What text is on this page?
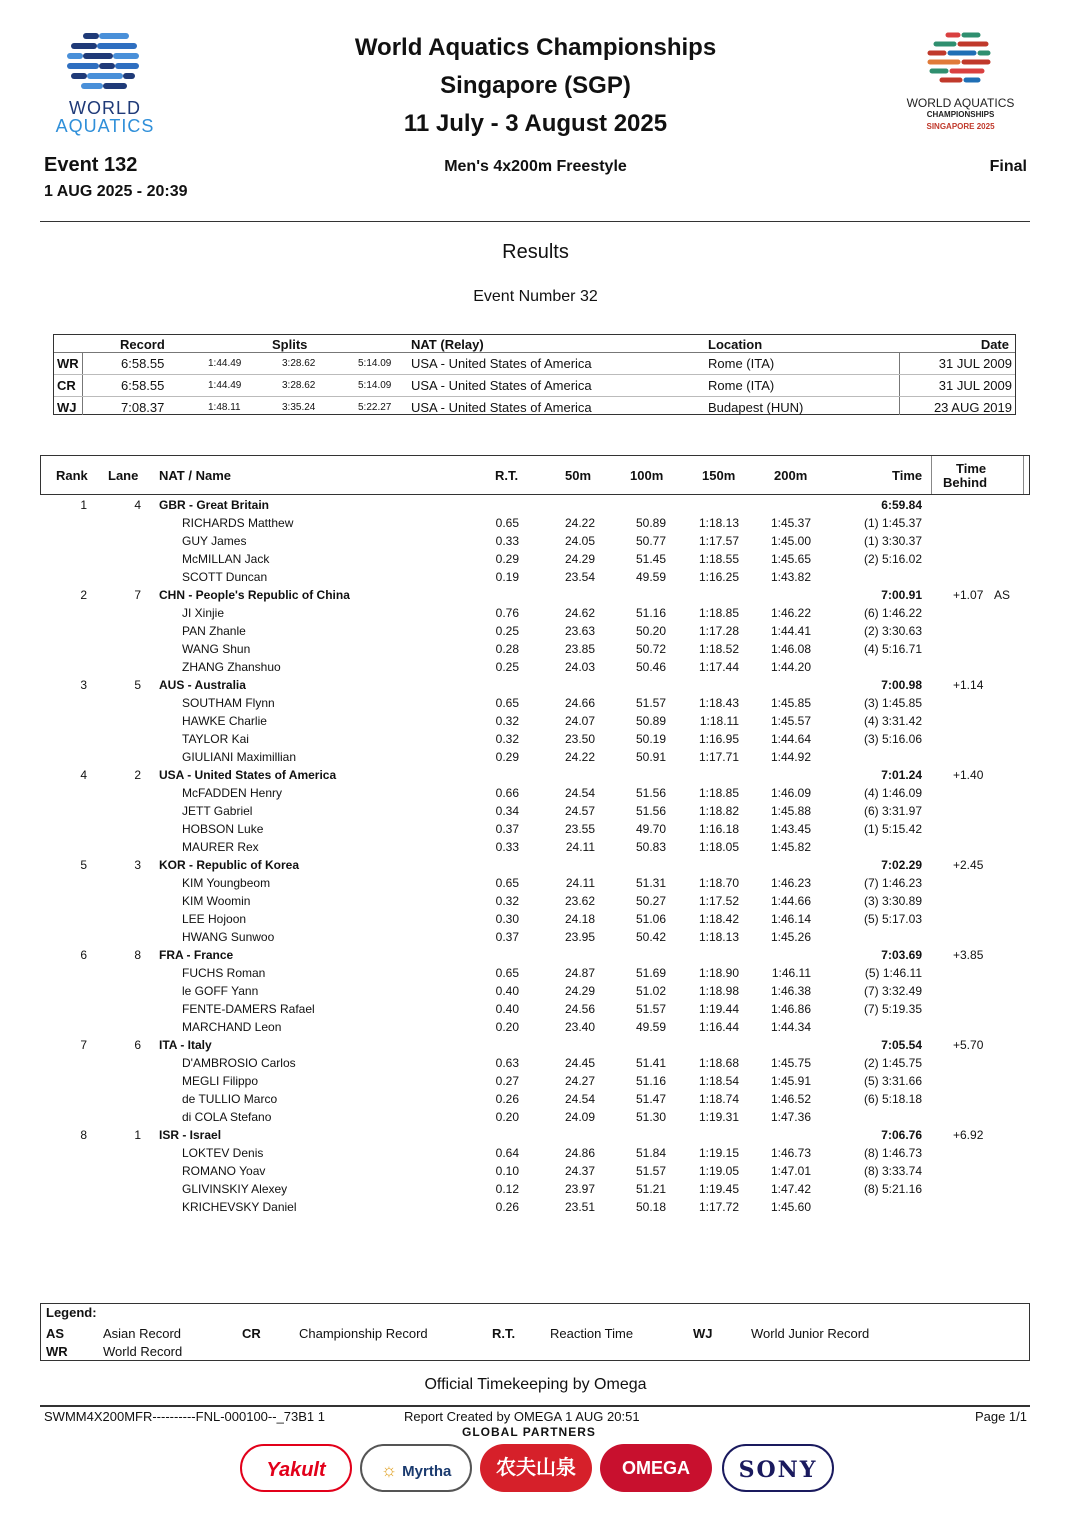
WORLD
AQUATICS
World Aquatics Championships
Singapore (SGP)
11 July - 3 August 2025
WORLD AQUATICS
CHAMPIONSHIPS
SINGAPORE 2025
Event 132
1 AUG 2025 - 20:39
Men's 4x200m Freestyle	Final
Results
Event Number 32
Record	Splits	NAT (Relay)	Location	Date
WR	6:58.55	1:44.49	3:28.62	5:14.09 USA - United States of America	Rome (ITA)	31 JUL 2009
CR	6:58.55	1:44.49	3:28.62	5:14.09 USA - United States of America	Rome (ITA)	31 JUL 2009
WJ	7:08.37	1:48.11	3:35.24	5:22.27 USA - United States of America	Budapest (HUN)	23 AUG 2019
Rank Lane NAT / Name	R.T.	50m	100m	150m	200m	Time	Time
Behind
1	4 GBR - Great Britain	6:59.84
RICHARDS Matthew	0.65	24.22	50.89	1:18.13	1:45.37	(1) 1:45.37
GUY James	0.33	24.05	50.77	1:17.57	1:45.00	(1) 3:30.37
McMILLAN Jack	0.29	24.29	51.45	1:18.55	1:45.65	(2) 5:16.02
SCOTT Duncan	0.19	23.54	49.59	1:16.25	1:43.82
2	7 CHN - People's Republic of China	7:00.91	+1.07 AS
JI Xinjie	0.76	24.62	51.16	1:18.85	1:46.22	(6) 1:46.22
PAN Zhanle	0.25	23.63	50.20	1:17.28	1:44.41	(2) 3:30.63
WANG Shun	0.28	23.85	50.72	1:18.52	1:46.08	(4) 5:16.71
ZHANG Zhanshuo	0.25	24.03	50.46	1:17.44	1:44.20
3	5 AUS - Australia	7:00.98	+1.14
SOUTHAM Flynn	0.65	24.66	51.57	1:18.43	1:45.85	(3) 1:45.85
HAWKE Charlie	0.32	24.07	50.89	1:18.11	1:45.57	(4) 3:31.42
TAYLOR Kai	0.32	23.50	50.19	1:16.95	1:44.64	(3) 5:16.06
GIULIANI Maximillian	0.29	24.22	50.91	1:17.71	1:44.92
4	2 USA - United States of America	7:01.24	+1.40
McFADDEN Henry	0.66	24.54	51.56	1:18.85	1:46.09	(4) 1:46.09
JETT Gabriel	0.34	24.57	51.56	1:18.82	1:45.88	(6) 3:31.97
HOBSON Luke	0.37	23.55	49.70	1:16.18	1:43.45	(1) 5:15.42
MAURER Rex	0.33	24.11	50.83	1:18.05	1:45.82
5	3 KOR - Republic of Korea	7:02.29	+2.45
KIM Youngbeom	0.65	24.11	51.31	1:18.70	1:46.23	(7) 1:46.23
KIM Woomin	0.32	23.62	50.27	1:17.52	1:44.66	(3) 3:30.89
LEE Hojoon	0.30	24.18	51.06	1:18.42	1:46.14	(5) 5:17.03
HWANG Sunwoo	0.37	23.95	50.42	1:18.13	1:45.26
6	8 FRA - France	7:03.69	+3.85
FUCHS Roman	0.65	24.87	51.69	1:18.90	1:46.11	(5) 1:46.11
le GOFF Yann	0.40	24.29	51.02	1:18.98	1:46.38	(7) 3:32.49
FENTE-DAMERS Rafael	0.40	24.56	51.57	1:19.44	1:46.86	(7) 5:19.35
MARCHAND Leon	0.20	23.40	49.59	1:16.44	1:44.34
7	6 ITA - Italy	7:05.54	+5.70
D'AMBROSIO Carlos	0.63	24.45	51.41	1:18.68	1:45.75	(2) 1:45.75
MEGLI Filippo	0.27	24.27	51.16	1:18.54	1:45.91	(5) 3:31.66
de TULLIO Marco	0.26	24.54	51.47	1:18.74	1:46.52	(6) 5:18.18
di COLA Stefano	0.20	24.09	51.30	1:19.31	1:47.36
8	1 ISR - Israel	7:06.76	+6.92
LOKTEV Denis	0.64	24.86	51.84	1:19.15	1:46.73	(8) 1:46.73
ROMANO Yoav	0.10	24.37	51.57	1:19.05	1:47.01	(8) 3:33.74
GLIVINSKIY Alexey	0.12	23.97	51.21	1:19.45	1:47.42	(8) 5:21.16
KRICHEVSKY Daniel	0.26	23.51	50.18	1:17.72	1:45.60
Legend:
AS	Asian Record	CR	Championship Record	R.T.	Reaction Time	WJ	World Junior Record
WR	World Record
Official Timekeeping by Omega
SWMM4X200MFR----------FNL-000100--_73B1 1	Report Created by OMEGA 1 AUG 20:51	Page 1/1
GLOBAL PARTNERS
Yakult	☼ Myrtha	农夫山泉	OMEGA	SONY
